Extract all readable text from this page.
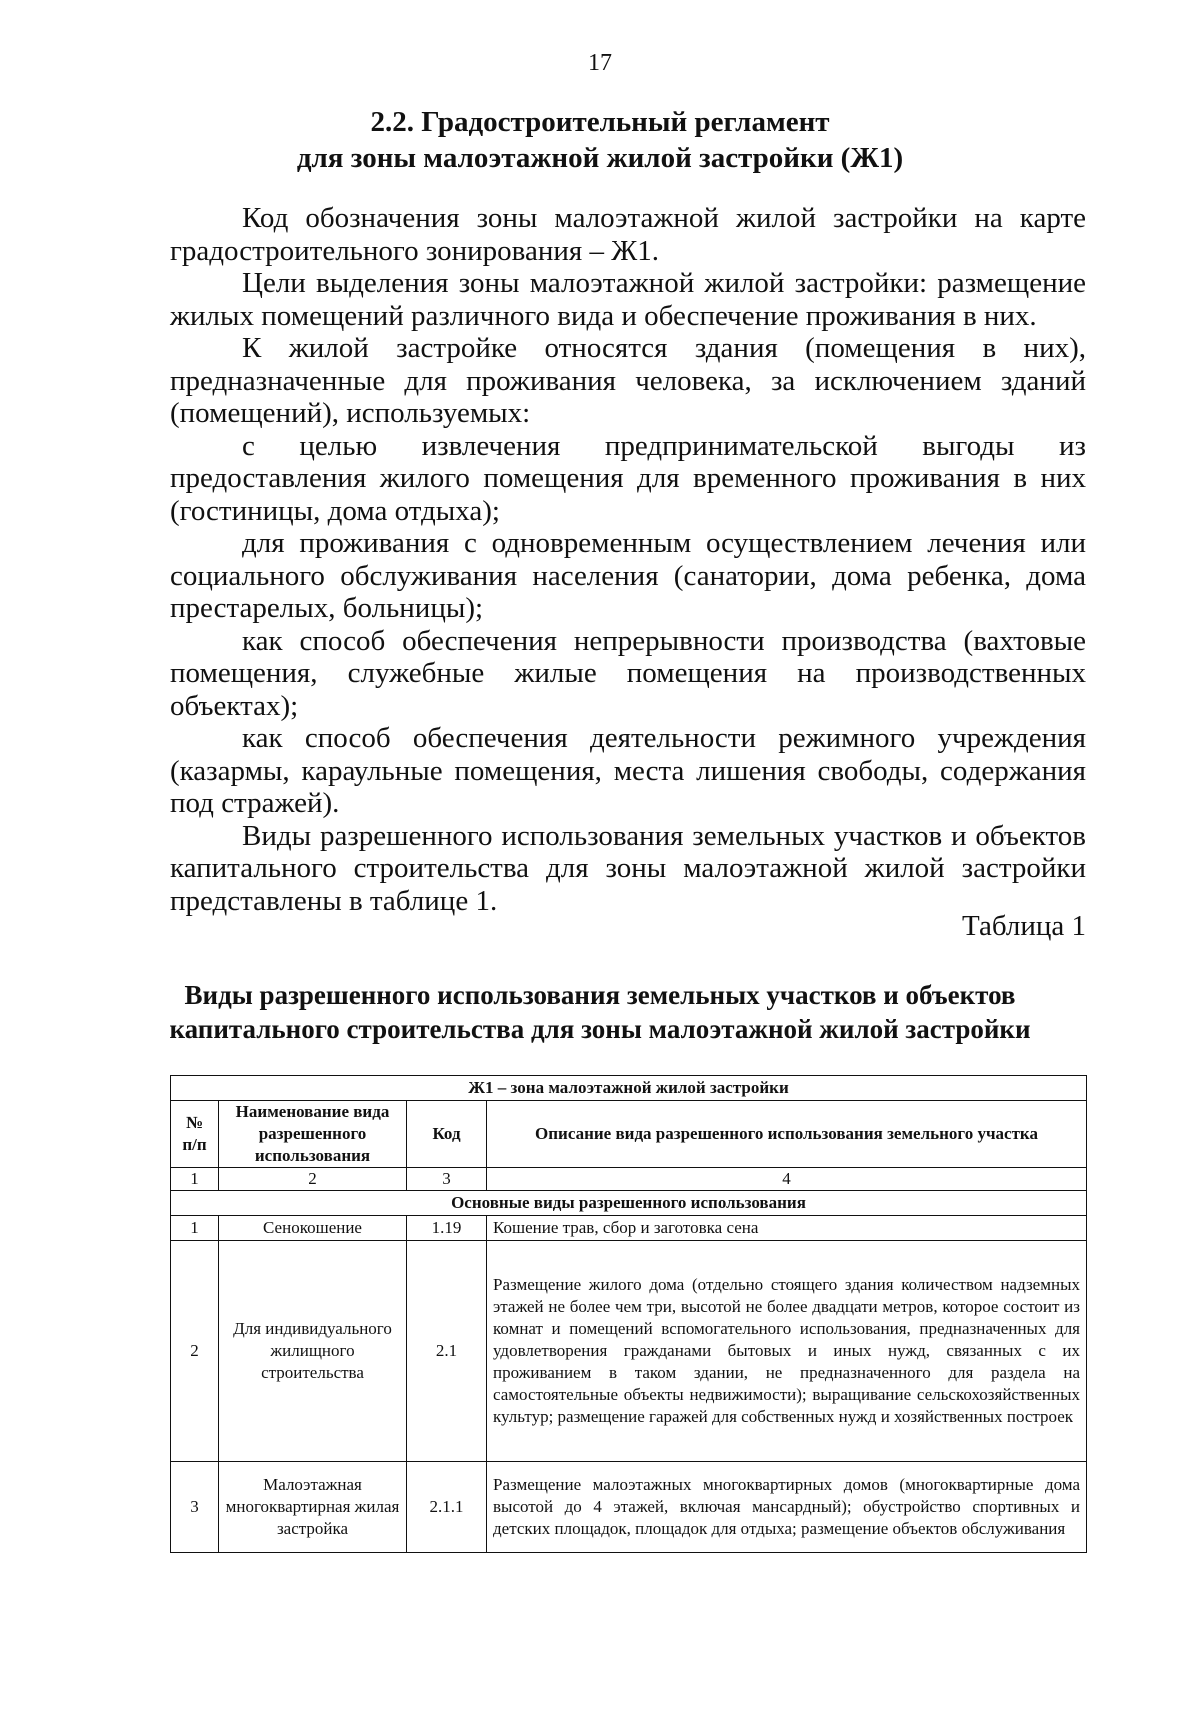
17
2.2. Градостроительный регламент
для зоны малоэтажной жилой застройки (Ж1)

Код обозначения зоны малоэтажной жилой застройки на карте градостроительного зонирования – Ж1.

Цели выделения зоны малоэтажной жилой застройки: размещение жилых помещений различного вида и обеспечение проживания в них.

К жилой застройке относятся здания (помещения в них), предназначенные для проживания человека, за исключением зданий (помещений), используемых:

с целью извлечения предпринимательской выгоды из предоставления жилого помещения для временного проживания в них (гостиницы, дома отдыха);

для проживания с одновременным осуществлением лечения или социального обслуживания населения (санатории, дома ребенка, дома престарелых, больницы);

как способ обеспечения непрерывности производства (вахтовые помещения, служебные жилые помещения на производственных объектах);

как способ обеспечения деятельности режимного учреждения (казармы, караульные помещения, места лишения свободы, содержания под стражей).

Виды разрешенного использования земельных участков и объектов капитального строительства для зоны малоэтажной жилой застройки представлены в таблице 1.

Таблица 1
Виды разрешенного использования земельных участков и объектов
капитального строительства для зоны малоэтажной жилой застройки
Ж1 – зона малоэтажной жилой застройки			
№ п/п	Наименование вида разрешенного использования	Код	Описание вида разрешенного использования земельного участка
1	2	3	4
Основные виды разрешенного использования			
1	Сенокошение	1.19	Кошение трав, сбор и заготовка сена
2	Для индивидуального жилищного строительства	2.1	Размещение жилого дома (отдельно стоящего здания количеством надземных этажей не более чем три, высотой не более двадцати метров, которое состоит из комнат и помещений вспомогательного использования, предназначенных для удовлетворения гражданами бытовых и иных нужд, связанных с их проживанием в таком здании, не предназначенного для раздела на самостоятельные объекты недвижимости); выращивание сельскохозяйственных культур; размещение гаражей для собственных нужд и хозяйственных построек
3	Малоэтажная многоквартирная жилая застройка	2.1.1	Размещение малоэтажных многоквартирных домов (многоквартирные дома высотой до 4 этажей, включая мансардный); обустройство спортивных и детских площадок, площадок для отдыха; размещение объектов обслуживания
